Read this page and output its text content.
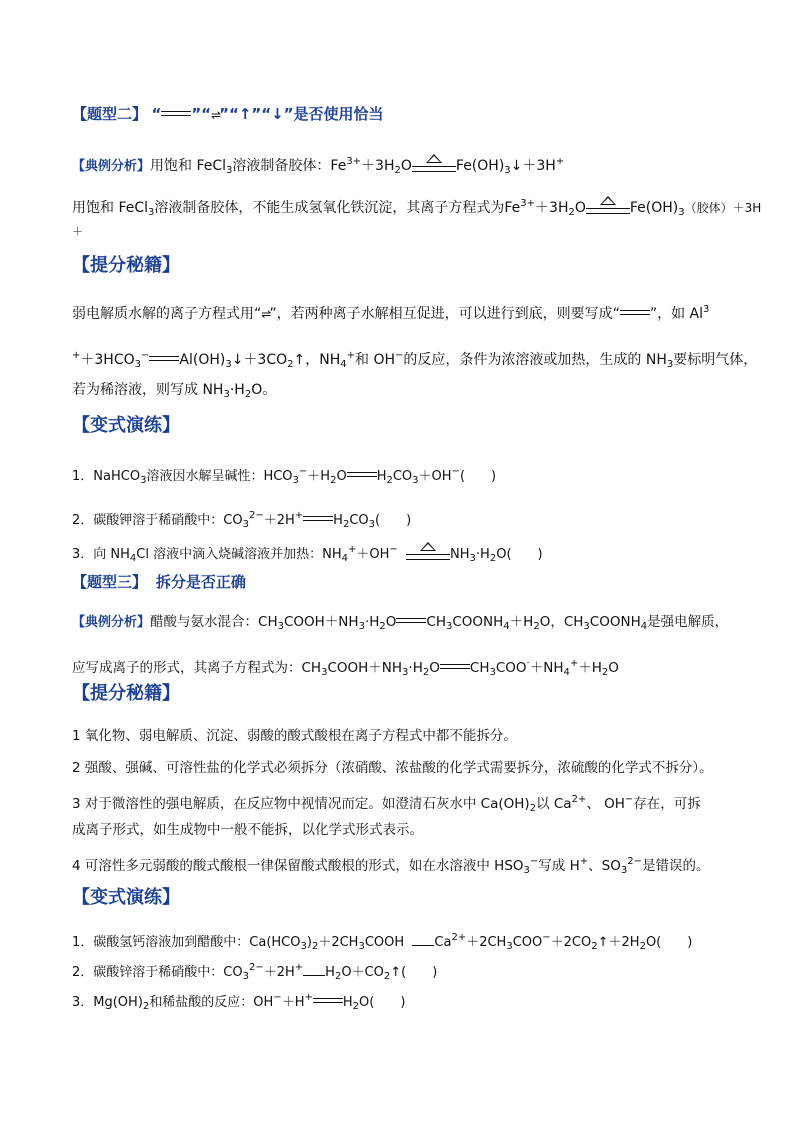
【题型二】 “ ”“⇌”“↑”“↓”是否使用恰当
【典例分析】用饱和 FeCl$_3$溶液制备胶体：$Fe^{3+}+3H_2O$	$Fe(OH)_3↓+3H^+$
用饱和 FeCl$_3$溶液制备胶体，不能生成氢氧化铁沉淀，其离子方程式为$Fe^{3+}+3H_2O$	$Fe(OH)_3$（胶体）＋3H
＋
【提分秘籍】
弱电解质水解的离子方程式用“⇌”，若两种离子水解相互促进，可以进行到底，则要写成“ ”，如 Al$^3$
$^++3HCO_3^-$ $Al(OH)_3↓+3CO_2↑$，$NH_4^+$和 OH−的反应，条件为浓溶液或加热，生成的 $NH_3$要标明气体，
若为稀溶液，则写成 $NH_3\cdot H_2O$。
【变式演练】
1．NaHCO$_3$溶液因水解呈碱性：$HCO_3^-+H_2O$ $H_2CO_3+OH^-$(　　)
2．碳酸钾溶于稀硝酸中：$CO_3^{2-}+2H^+$ $H_2CO_3$(　　)
3．向 $NH_4Cl$ 溶液中滴入烧碱溶液并加热：$NH_4^++OH^-$	$NH_3\cdot H_2O$(　　)
【题型三】 拆分是否正确
【典例分析】醋酸与氨水混合：$CH_3COOH+NH_3\cdot H_2O$ $CH_3COONH_4+H_2O$，$CH_3COONH_4$是强电解质，
应写成离子的形式，其离子方程式为：$CH_3COOH+NH_3\cdot H_2O$ $CH_3COO^\cdot+NH_4^++H_2O$
【提分秘籍】
1 氧化物、弱电解质、沉淀、弱酸的酸式酸根在离子方程式中都不能拆分。
2 强酸、强碱、可溶性盐的化学式必须拆分（浓硝酸、浓盐酸的化学式需要拆分，浓硫酸的化学式不拆分）。
3 对于微溶性的强电解质，在反应物中视情况而定。如澄清石灰水中 $Ca(OH)_2$以 $Ca^{2+}$、 OH−存在，可拆
成离子形式，如生成物中一般不能拆，以化学式形式表示。
4 可溶性多元弱酸的酸式酸根一律保留酸式酸根的形式，如在水溶液中 $HSO_3^-$写成 H+、$SO_3^{2-}$是错误的。
【变式演练】
1．碳酸氢钙溶液加到醋酸中：$Ca(HCO_3)_2+2CH_3COOH$ $Ca^{2+}+2CH_3COO^-+2CO_2↑+2H_2O$(　　)
2．碳酸锌溶于稀硝酸中：$CO_3^{2-}+2H^+$ $H_2O+CO_2↑$(　　)
3．$Mg(OH)_2$和稀盐酸的反应：OH−＋H+ $H_2O$(　　)
